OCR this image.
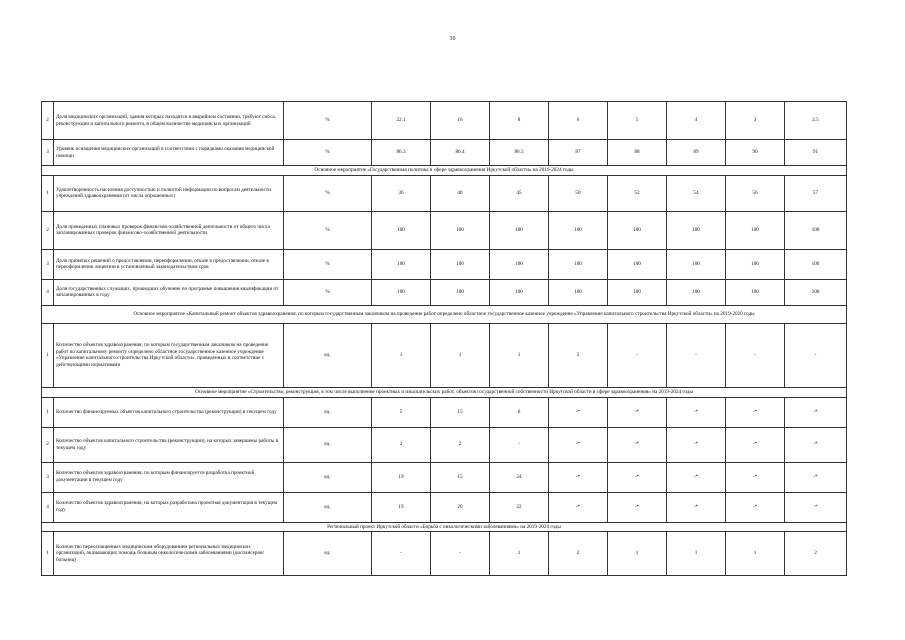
10
2	Доля медицинских организаций, здания которых находятся в аварийном состоянии, требуют сноса, реконструкции и капитального ремонта, в общем количестве медицинских организаций	%	22.1	16	8	6	5	4	3	2.5
3	Уровень оснащения медицинских организаций в соответствии с порядками оказания медицинской помощи	%	86.3	86.4	86.5	87	88	89	90	91
Основное мероприятие «Государственная политика в сфере здравоохранения Иркутской области» на 2019-2024 годы										
1	Удовлетворенность населения доступностью и полнотой информации по вопросам деятельности учреждений здравоохранения (от числа опрошенных)	%	36	40	45	50	52	54	56	57
2	Доля проведенных плановых проверок финансово-хозяйственной деятельности от общего числа запланированных проверок финансово-хозяйственной деятельности	%	100	100	100	100	100	100	100	100
3	Доля принятых решений о предоставлении, переоформлении, отказе в предоставлении, отказе в переоформлении лицензии в установленный законодательством срок	%	100	100	100	100	100	100	100	100
4	Доля государственных служащих, прошедших обучение по программе повышения квалификации от запланированных в году	%	100	100	100	100	100	100	100	100
Основное мероприятие «Капитальный ремонт объектов здравоохранения, по которым государственным заказчиком на проведение работ определено областное государственное казенное учреждение «Управление капитального строительства Иркутской области» на 2019-2020 годы										
1	Количество объектов здравоохранения, по которым государственным заказчиком на проведение работ по капитальному ремонту определено областное государственное казенное учреждение «Управление капитального строительства Иркутской области», приведенных в соответствие с действующими нормативами	ед.	1	1	1	2	-	-	-	-
Основное мероприятие «Строительство, реконструкция, в том числе выполнение проектных и изыскательских работ, объектов государственной собственности Иркутской области в сфере здравоохранения» на 2019-2024 годы										
1	Количество финансируемых объектов капитального строительства (реконструкции) в текущем году	ед.	5	15	6	-*	-*	-*	-*	-*
2	Количество объектов капитального строительства (реконструкции), на которых завершены работы в текущем году	ед.	2	2	-	-*	-*	-*	-*	-*
3	Количество объектов здравоохранения, по которым финансируется разработка проектной документации в текущем году	ед.	19	15	24	-*	-*	-*	-*	-*
4	Количество объектов здравоохранения, на которых разработана проектная документация в текущем году	ед.	19	20	22	-*	-*	-*	-*	-*
Региональный проект Иркутской области «Борьба с онкологическими заболеваниями» на 2019-2024 годы										
1	Количество переоснащенных медицинским оборудованием региональных медицинских организаций, оказывающих помощь больным онкологическими заболеваниями (диспансеров/больниц)	ед.	-	-	1	2	1	1	1	2
